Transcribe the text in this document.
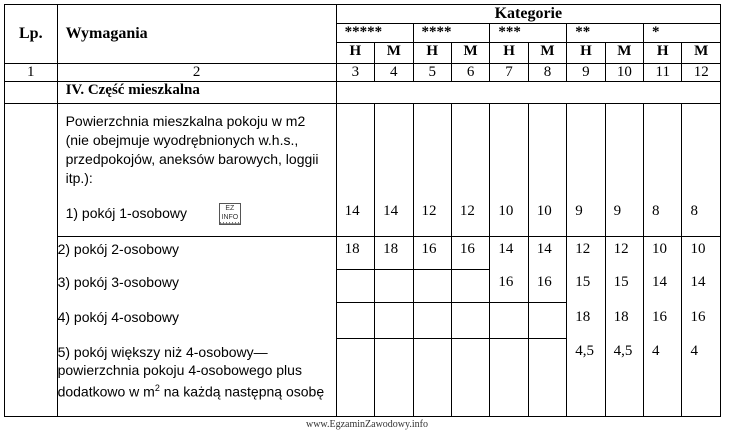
Lp.	Wymagania	Kategorie									
		*****		****		***		**		*	
		H	M	H	M	H	M	H	M	H	M
1	2	3	4	5	6	7	8	9	10	11	12
	IV. Część mieszkalna										

	Powierzchnia mieszkalna pokoju w m2 (nie obejmuje wyodrębnionych w.h.s., przedpokojów, aneksów barowych, loggii itp.):
1) pokój 1-osobowy EZ
INFO	14	14	12	12	10	10	9	9	8	8

	2) pokój 2-osobowy	18	18	16	16	14	14	12	12	10	10

	3) pokój 3-osobowy					16	16	15	15	14	14

	4) pokój 4-osobowy							18	18	16	16

	5) pokój większy niż 4-osobowy— powierzchnia pokoju 4-osobowego plus dodatkowo w $m^2$ na każdą następną osobę							4,5	4,5	4	4
www.EgzaminZawodowy.info
